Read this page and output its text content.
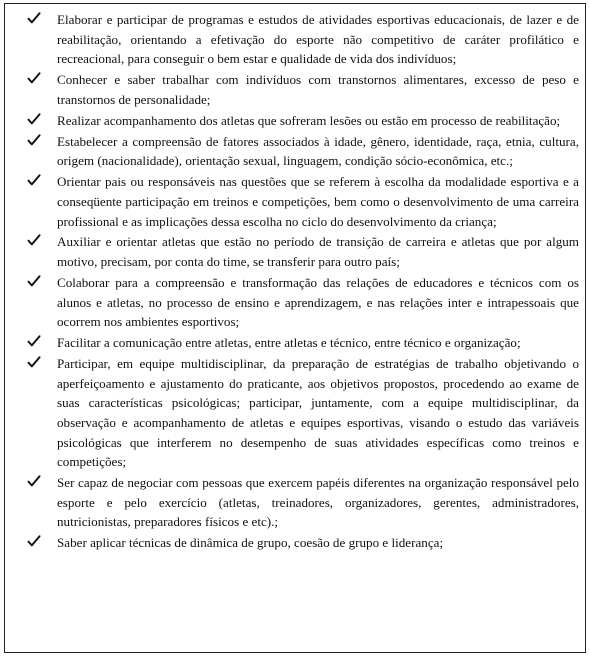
Elaborar e participar de programas e estudos de atividades esportivas educacionais, de lazer e de reabilitação, orientando a efetivação do esporte não competitivo de caráter profilático e recreacional, para conseguir o bem estar e qualidade de vida dos indivíduos;
Conhecer e saber trabalhar com indivíduos com transtornos alimentares, excesso de peso e transtornos de personalidade;
Realizar acompanhamento dos atletas que sofreram lesões ou estão em processo de reabilitação;
Estabelecer a compreensão de fatores associados à idade, gênero, identidade, raça, etnia, cultura, origem (nacionalidade), orientação sexual, linguagem, condição sócio-econômica, etc.;
Orientar pais ou responsáveis nas questões que se referem à escolha da modalidade esportiva e a conseqüente participação em treinos e competições, bem como o desenvolvimento de uma carreira profissional e as implicações dessa escolha no ciclo do desenvolvimento da criança;
Auxiliar e orientar atletas que estão no período de transição de carreira e atletas que por algum motivo, precisam, por conta do time, se transferir para outro país;
Colaborar para a compreensão e transformação das relações de educadores e técnicos com os alunos e atletas, no processo de ensino e aprendizagem, e nas relações inter e intrapessoais que ocorrem nos ambientes esportivos;
Facilitar a comunicação entre atletas, entre atletas e técnico, entre técnico e organização;
Participar, em equipe multidisciplinar, da preparação de estratégias de trabalho objetivando o aperfeiçoamento e ajustamento do praticante, aos objetivos propostos, procedendo ao exame de suas características psicológicas; participar, juntamente, com a equipe multidisciplinar, da observação e acompanhamento de atletas e equipes esportivas, visando o estudo das variáveis psicológicas que interferem no desempenho de suas atividades específicas como treinos e competições;
Ser capaz de negociar com pessoas que exercem papéis diferentes na organização responsável pelo esporte e pelo exercício (atletas, treinadores, organizadores, gerentes, administradores, nutricionistas, preparadores físicos e etc).;
Saber aplicar técnicas de dinâmica de grupo, coesão de grupo e liderança;
